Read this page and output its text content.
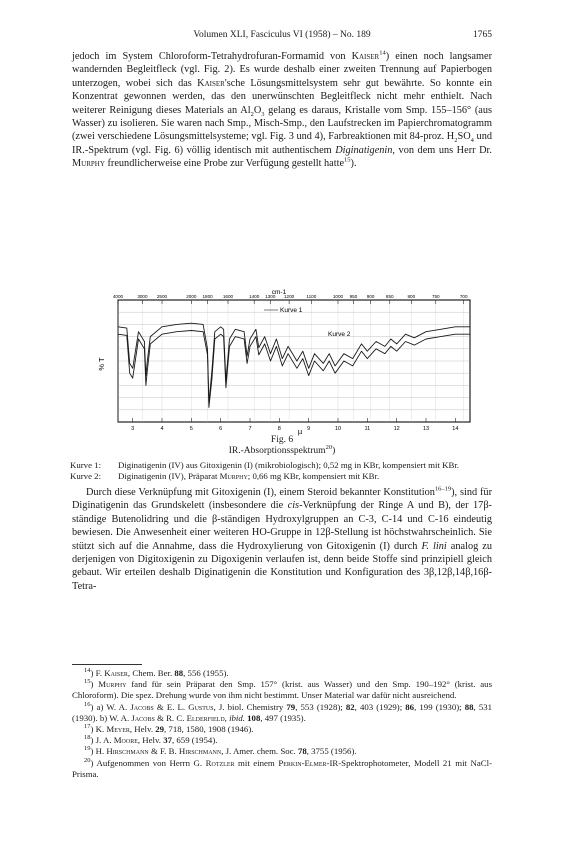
Volumen XLI, Fasciculus VI (1958) – No. 189	1765

jedoch im System Chloroform-Tetrahydrofuran-Formamid von Kaiser$^{14}$) einen noch langsamer wandernden Begleitfleck (vgl. Fig. 2). Es wurde deshalb einer zweiten Trennung auf Papierbogen unterzogen, wobei sich das Kaiser'sche Lösungsmittelsystem sehr gut bewährte. So konnte ein Konzentrat gewonnen werden, das den unerwünschten Begleitfleck nicht mehr enthielt. Nach weiterer Reinigung dieses Materials an $Al_2O_3$ gelang es daraus, Kristalle vom Smp. 155–156° (aus Wasser) zu isolieren. Sie waren nach Smp., Misch-Smp., den Laufstrecken im Papierchromatogramm (zwei verschiedene Lösungsmittelsysteme; vgl. Fig. 3 und 4), Farbreaktionen mit 84-proz. $H_2SO_4$ und IR.-Spektrum (vgl. Fig. 6) völlig identisch mit authentischem Diginatigenin, von dem uns Herr Dr. Murphy freundlicherweise eine Probe zur Verfügung gestellt hatte$^{15}$).

cm-1
4000	3000 2500	2000 1800 1600	1400 1300 1200	1100	1000 950 900	850	800	750	700
3	4	5	6	7	8	9	10	11	12	13	14
% T
µ
Kurve 1
Kurve 2
Fig. 6
IR.-Absorptionsspektrum$^{20}$)
Kurve 1:	Diginatigenin (IV) aus Gitoxigenin (I) (mikrobiologisch); 0,52 mg in KBr, kompensiert mit KBr.
Kurve 2:	Diginatigenin (IV), Präparat Murphy; 0,66 mg KBr, kompensiert mit KBr.

Durch diese Verknüpfung mit Gitoxigenin (I), einem Steroid bekannter Konstitution$^{16-19}$), sind für Diginatigenin das Grundskelett (insbesondere die cis-Verknüpfung der Ringe A und B), der 17β-ständige Butenolidring und die β-ständigen Hydroxylgruppen an C-3, C-14 und C-16 eindeutig bewiesen. Die Anwesenheit einer weiteren HO-Gruppe in 12β-Stellung ist höchstwahrscheinlich. Sie stützt sich auf die Annahme, dass die Hydroxylierung von Gitoxigenin (I) durch F. lini analog zu derjenigen von Digitoxigenin zu Digoxigenin verlaufen ist, denn beide Stoffe sind prinzipiell gleich gebaut. Wir erteilen deshalb Diginatigenin die Konstitution und Konfiguration des 3β,12β,14β,16β-Tetra-

$^{14}$) F. Kaiser, Chem. Ber. 88, 556 (1955).

$^{15}$) Murphy fand für sein Präparat den Smp. 157° (krist. aus Wasser) und den Smp. 190–192° (krist. aus Chloroform). Die spez. Drehung wurde von ihm nicht bestimmt. Unser Material war dafür nicht ausreichend.

$^{16}$) a) W. A. Jacobs & E. L. Gustus, J. biol. Chemistry 79, 553 (1928); 82, 403 (1929); 86, 199 (1930); 88, 531 (1930). b) W. A. Jacobs & R. C. Elderfield, ibid. 108, 497 (1935).

$^{17}$) K. Meyer, Helv. 29, 718, 1580, 1908 (1946).

$^{18}$) J. A. Moore, Helv. 37, 659 (1954).

$^{19}$) H. Hirschmann & F. B. Hirschmann, J. Amer. chem. Soc. 78, 3755 (1956).

$^{20}$) Aufgenommen von Herrn G. Rotzler mit einem Perkin-Elmer-IR-Spektrophotometer, Modell 21 mit NaCl-Prisma.
